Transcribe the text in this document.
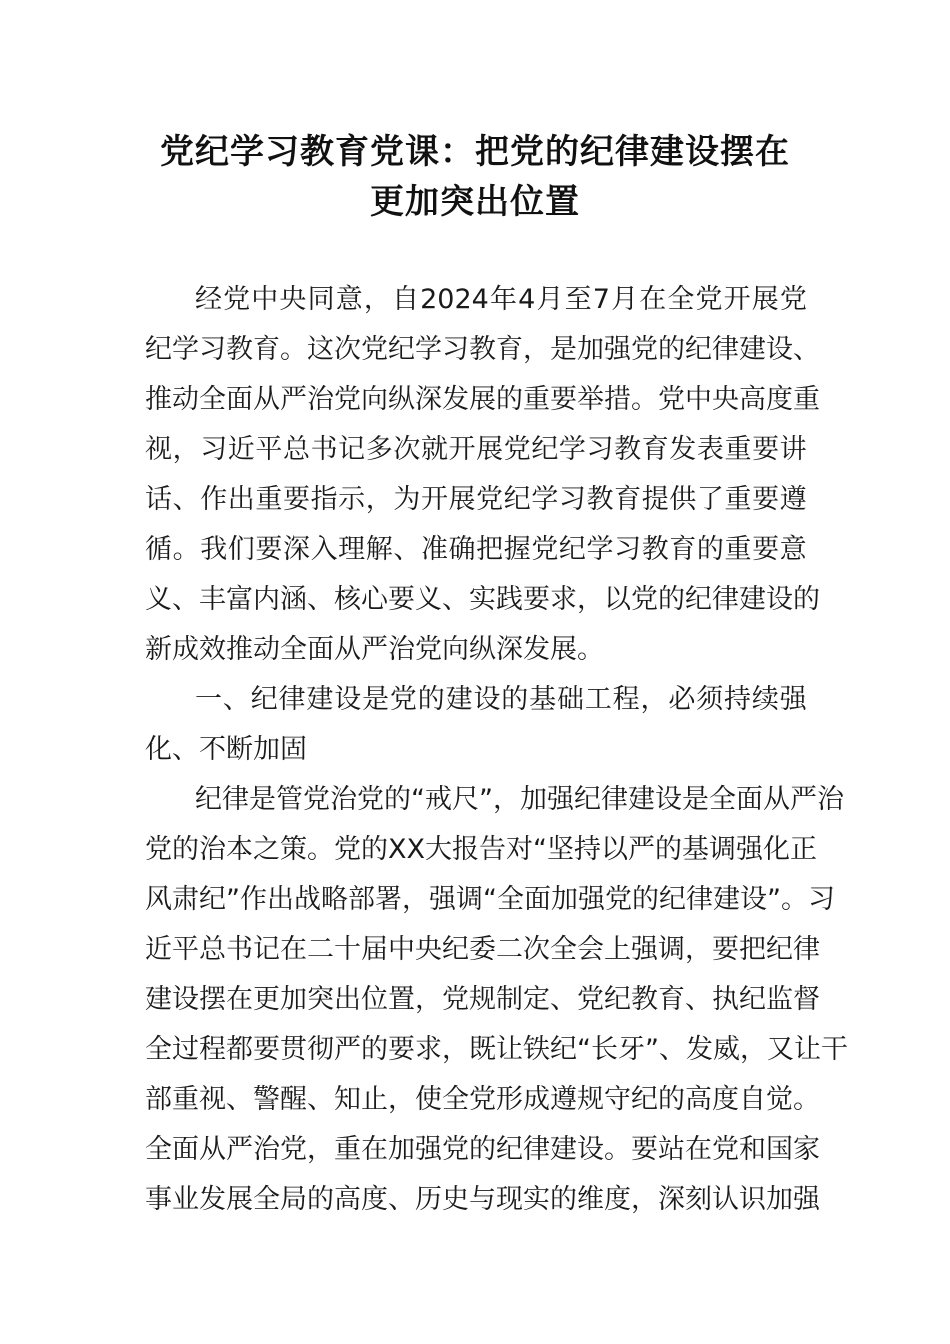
党纪学习教育党课：把党的纪律建设摆在
更加突出位置
经 党 中 央 同 意 ， 自 2024 年 4 月 至 7 月 在 全 党 开 展 党
纪 学 习 教 育 。 这 次 党 纪 学 习 教 育 ， 是 加 强 党 的 纪 律 建 设 、
推 动 全 面 从 严 治 党 向 纵 深 发 展 的 重 要 举 措 。 党 中 央 高 度 重
视 ， 习 近 平 总 书 记 多 次 就 开 展 党 纪 学 习 教 育 发 表 重 要 讲
话 、 作 出 重 要 指 示 ， 为 开 展 党 纪 学 习 教 育 提 供 了 重 要 遵
循 。 我 们 要 深 入 理 解 、 准 确 把 握 党 纪 学 习 教 育 的 重 要 意
义 、 丰 富 内 涵 、 核 心 要 义 、 实 践 要 求 ， 以 党 的 纪 律 建 设 的
新成效推动全面从严治党向纵深发展。
一 、 纪 律 建 设 是 党 的 建 设 的 基 础 工 程 ， 必 须 持 续 强
化、不断加固
纪 律 是 管 党 治 党 的 “ 戒 尺 ” ， 加 强 纪 律 建 设 是 全 面 从 严 治
党 的 治 本 之 策 。 党 的 XX 大 报 告 对 “ 坚 持 以 严 的 基 调 强 化 正
风 肃 纪 ” 作 出 战 略 部 署 ， 强 调 “ 全 面 加 强 党 的 纪 律 建 设 ” 。 习
近 平 总 书 记 在 二 十 届 中 央 纪 委 二 次 全 会 上 强 调 ， 要 把 纪 律
建 设 摆 在 更 加 突 出 位 置 ， 党 规 制 定 、 党 纪 教 育 、 执 纪 监 督
全 过 程 都 要 贯 彻 严 的 要 求 ， 既 让 铁 纪 “ 长 牙 ” 、 发 威 ， 又 让 干
部 重 视 、 警 醒 、 知 止 ， 使 全 党 形 成 遵 规 守 纪 的 高 度 自 觉 。
全 面 从 严 治 党 ， 重 在 加 强 党 的 纪 律 建 设 。 要 站 在 党 和 国 家
事 业 发 展 全 局 的 高 度 、 历 史 与 现 实 的 维 度 ， 深 刻 认 识 加 强
